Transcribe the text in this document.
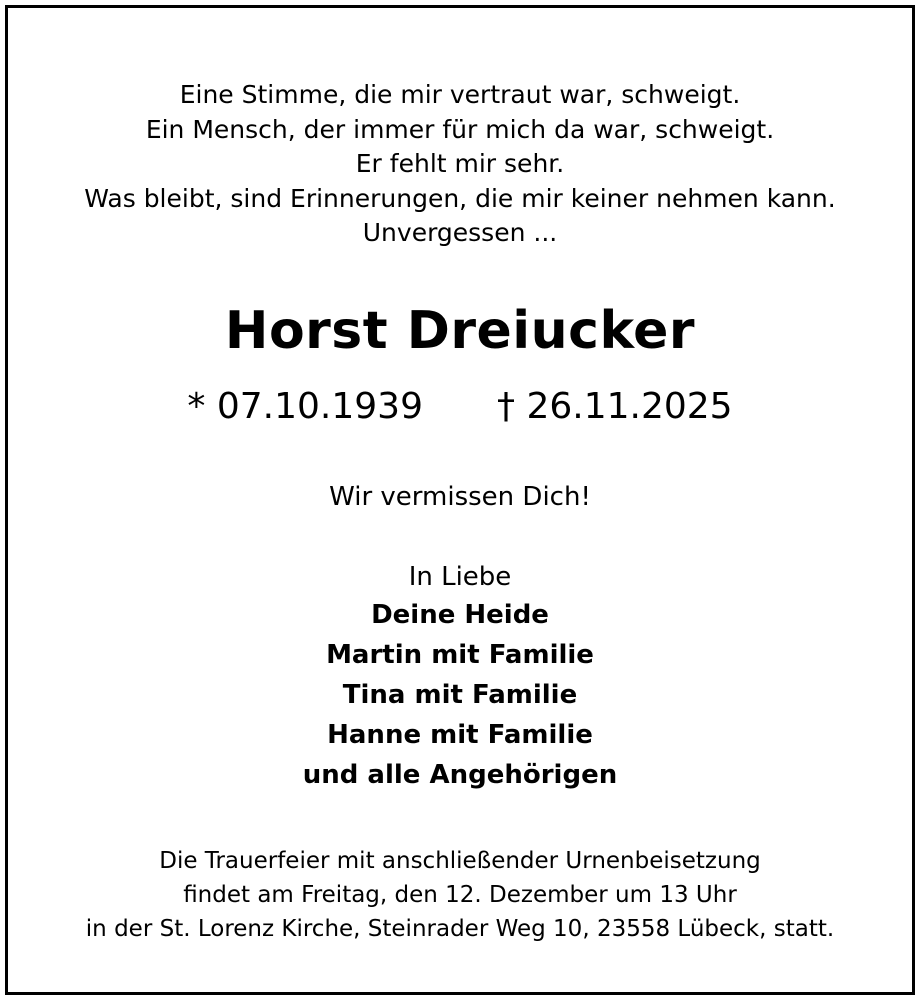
Eine Stimme, die mir vertraut war, schweigt.
Ein Mensch, der immer für mich da war, schweigt.
Er fehlt mir sehr.
Was bleibt, sind Erinnerungen, die mir keiner nehmen kann.
Unvergessen ...
Horst Dreiucker
* 07.10.1939 † 26.11.2025
Wir vermissen Dich!
In Liebe
Deine Heide
Martin mit Familie
Tina mit Familie
Hanne mit Familie
und alle Angehörigen
Die Trauerfeier mit anschließender Urnenbeisetzung
findet am Freitag, den 12. Dezember um 13 Uhr
in der St. Lorenz Kirche, Steinrader Weg 10, 23558 Lübeck, statt.
